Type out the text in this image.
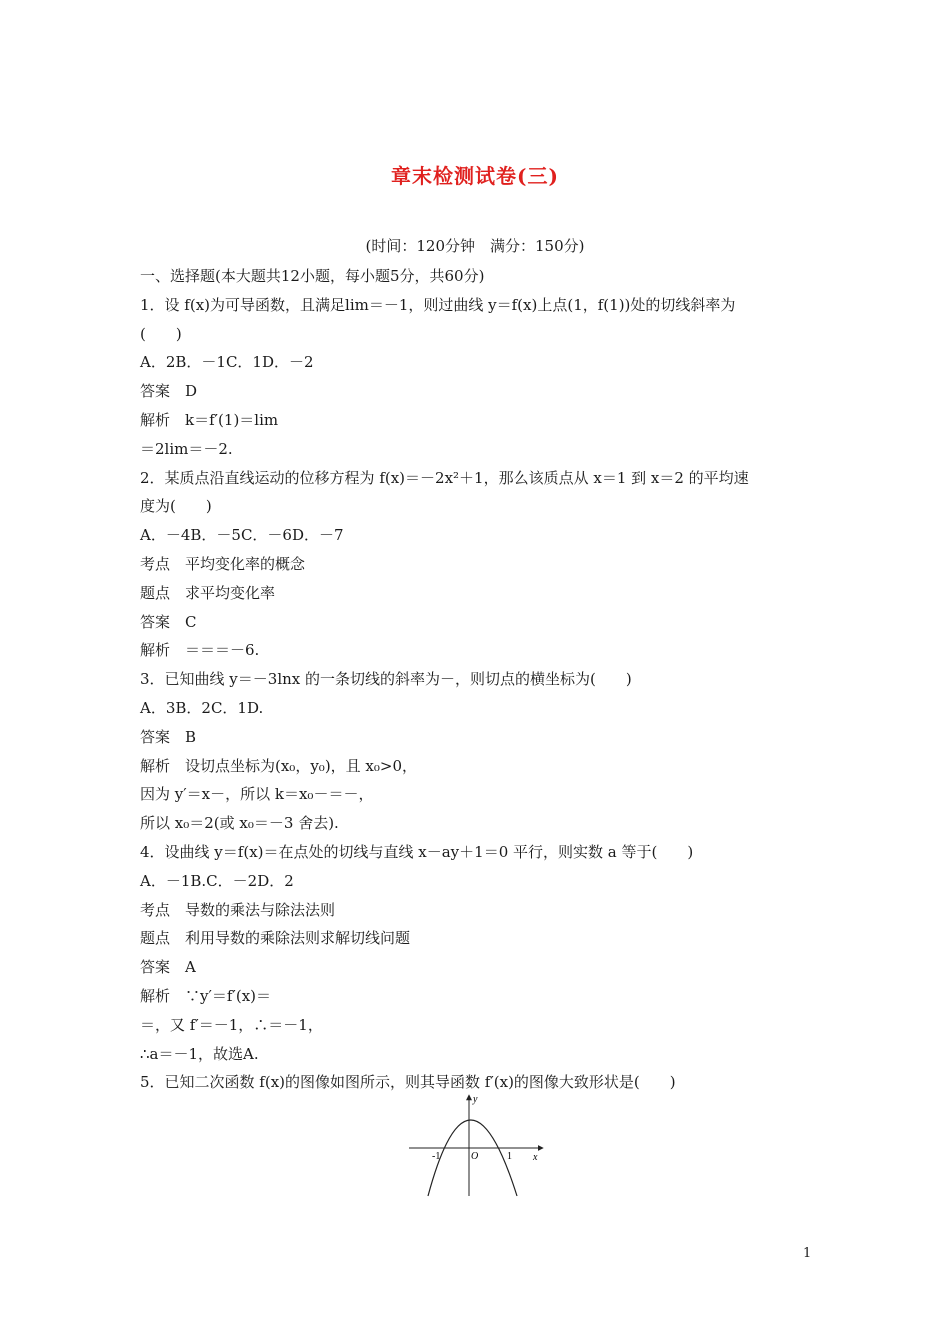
章末检测试卷(三)
(时间：120分钟　满分：150分)
一、选择题(本大题共12小题，每小题5分，共60分)
1．设 f(x)为可导函数，且满足lim＝－1，则过曲线 y＝f(x)上点(1，f(1))处的切线斜率为
(　　)
A．2B．－1C．1D．－2
答案　D
解析　k＝f′(1)＝lim
＝2lim＝－2.
2．某质点沿直线运动的位移方程为 f(x)＝－2x²＋1，那么该质点从 x＝1 到 x＝2 的平均速
度为(　　)
A．－4B．－5C．－6D．－7
考点　平均变化率的概念
题点　求平均变化率
答案　C
解析　＝＝＝－6.
3．已知曲线 y＝－3lnx 的一条切线的斜率为－，则切点的横坐标为(　　)
A．3B．2C．1D.
答案　B
解析　设切点坐标为(x₀，y₀)，且 x₀>0，
因为 y′＝x－，所以 k＝x₀－＝－，
所以 x₀＝2(或 x₀＝－3 舍去).
4．设曲线 y＝f(x)＝在点处的切线与直线 x－ay＋1＝0 平行，则实数 a 等于(　　)
A．－1B.C．－2D．2
考点　导数的乘法与除法法则
题点　利用导数的乘除法则求解切线问题
答案　A
解析　∵y′＝f′(x)＝
＝，又 f′＝－1，∴＝－1，
∴a＝－1，故选A.
5．已知二次函数 f(x)的图像如图所示，则其导函数 f′(x)的图像大致形状是(　　)
y
x
O
-1	1
1
